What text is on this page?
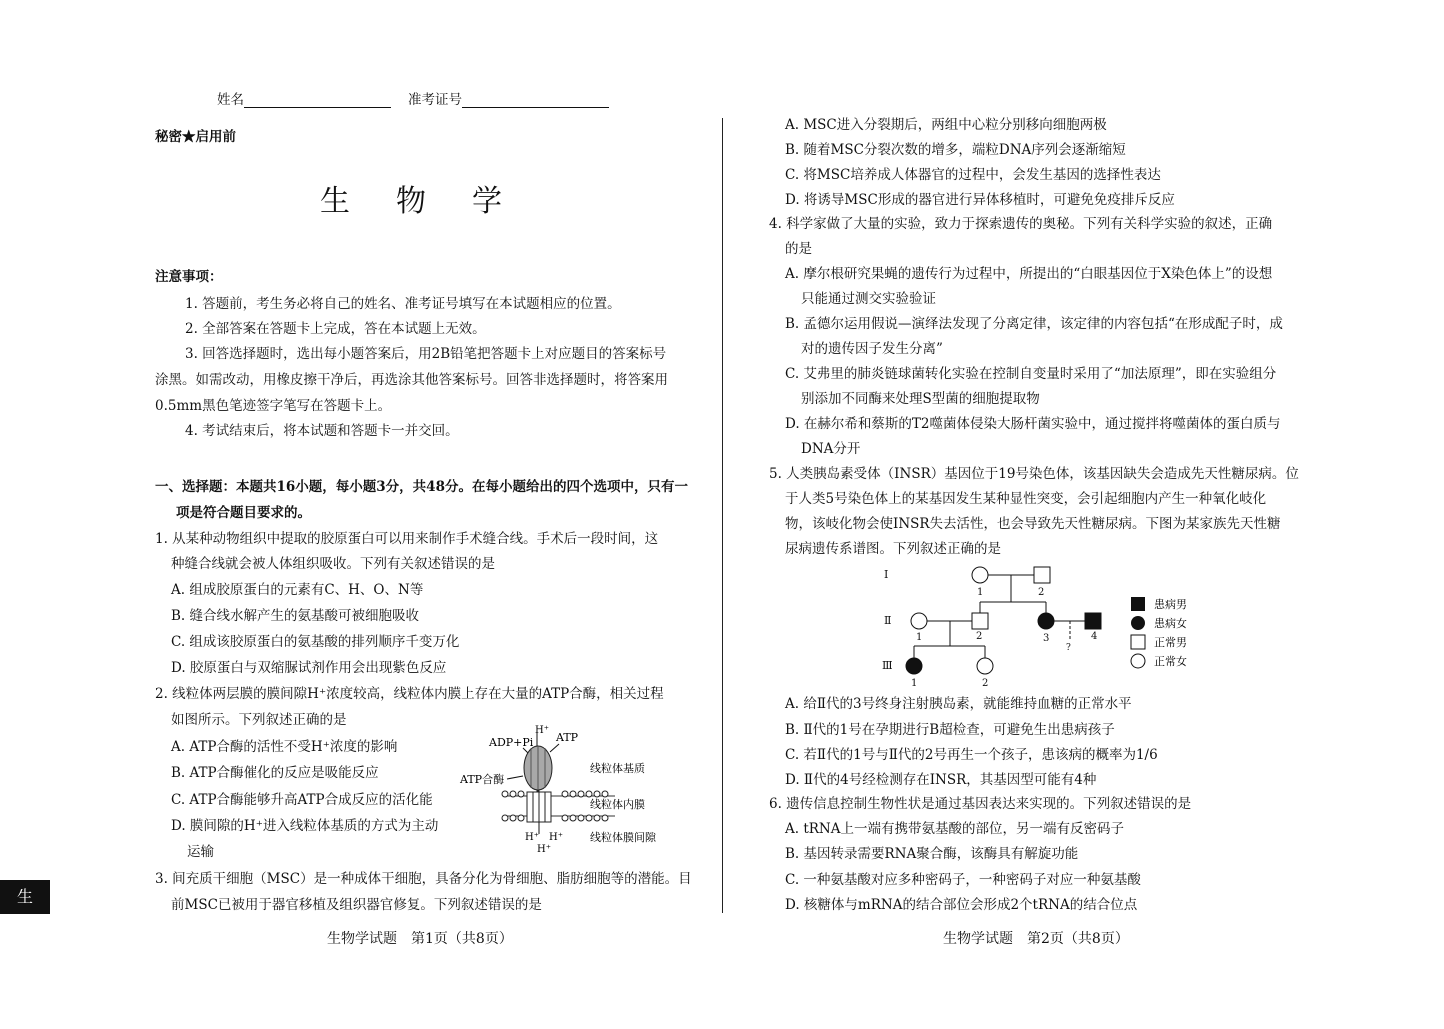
姓名	准考证号
秘密★启用前
生　物　学
注意事项：
1. 答题前，考生务必将自己的姓名、准考证号填写在本试题相应的位置。
2. 全部答案在答题卡上完成，答在本试题上无效。
3. 回答选择题时，选出每小题答案后，用2B铅笔把答题卡上对应题目的答案标号
涂黑。如需改动，用橡皮擦干净后，再选涂其他答案标号。回答非选择题时，将答案用
0.5mm黑色笔迹签字笔写在答题卡上。
4. 考试结束后，将本试题和答题卡一并交回。
一、选择题：本题共16小题，每小题3分，共48分。在每小题给出的四个选项中，只有一
项是符合题目要求的。
1. 从某种动物组织中提取的胶原蛋白可以用来制作手术缝合线。手术后一段时间，这
种缝合线就会被人体组织吸收。下列有关叙述错误的是
A. 组成胶原蛋白的元素有C、H、O、N等
B. 缝合线水解产生的氨基酸可被细胞吸收
C. 组成该胶原蛋白的氨基酸的排列顺序千变万化
D. 胶原蛋白与双缩脲试剂作用会出现紫色反应
2. 线粒体两层膜的膜间隙H⁺浓度较高，线粒体内膜上存在大量的ATP合酶，相关过程
如图所示。下列叙述正确的是
A. ATP合酶的活性不受H⁺浓度的影响
B. ATP合酶催化的反应是吸能反应
C. ATP合酶能够升高ATP合成反应的活化能
D. 膜间隙的H⁺进入线粒体基质的方式为主动
运输
H⁺
ADP+Pi ATP
ATP合酶
线粒体基质
线粒体内膜
线粒体膜间隙
H⁺ H⁺
H⁺
3. 间充质干细胞（MSC）是一种成体干细胞，具备分化为骨细胞、脂肪细胞等的潜能。目
前MSC已被用于器官移植及组织器官修复。下列叙述错误的是
生物学试题　第1页（共8页）
生
A. MSC进入分裂期后，两组中心粒分别移向细胞两极
B. 随着MSC分裂次数的增多，端粒DNA序列会逐渐缩短
C. 将MSC培养成人体器官的过程中，会发生基因的选择性表达
D. 将诱导MSC形成的器官进行异体移植时，可避免免疫排斥反应
4. 科学家做了大量的实验，致力于探索遗传的奥秘。下列有关科学实验的叙述，正确
的是
A. 摩尔根研究果蝇的遗传行为过程中，所提出的“白眼基因位于X染色体上”的设想
只能通过测交实验验证
B. 孟德尔运用假说—演绎法发现了分离定律，该定律的内容包括“在形成配子时，成
对的遗传因子发生分离”
C. 艾弗里的肺炎链球菌转化实验在控制自变量时采用了“加法原理”，即在实验组分
别添加不同酶来处理S型菌的细胞提取物
D. 在赫尔希和蔡斯的T2噬菌体侵染大肠杆菌实验中，通过搅拌将噬菌体的蛋白质与
DNA分开
5. 人类胰岛素受体（INSR）基因位于19号染色体，该基因缺失会造成先天性糖尿病。位
于人类5号染色体上的某基因发生某种显性突变，会引起细胞内产生一种氧化岐化
物，该岐化物会使INSR失去活性，也会导致先天性糖尿病。下图为某家族先天性糖
尿病遗传系谱图。下列叙述正确的是
Ⅰ
Ⅱ
Ⅲ
1	2
1	2	3	4
?
1	2
患病男
患病女
正常男
正常女
A. 给Ⅱ代的3号终身注射胰岛素，就能维持血糖的正常水平
B. Ⅱ代的1号在孕期进行B超检查，可避免生出患病孩子
C. 若Ⅱ代的1号与Ⅱ代的2号再生一个孩子，患该病的概率为1/6
D. Ⅱ代的4号经检测存在INSR，其基因型可能有4种
6. 遗传信息控制生物性状是通过基因表达来实现的。下列叙述错误的是
A. tRNA上一端有携带氨基酸的部位，另一端有反密码子
B. 基因转录需要RNA聚合酶，该酶具有解旋功能
C. 一种氨基酸对应多种密码子，一种密码子对应一种氨基酸
D. 核糖体与mRNA的结合部位会形成2个tRNA的结合位点
生物学试题　第2页（共8页）
